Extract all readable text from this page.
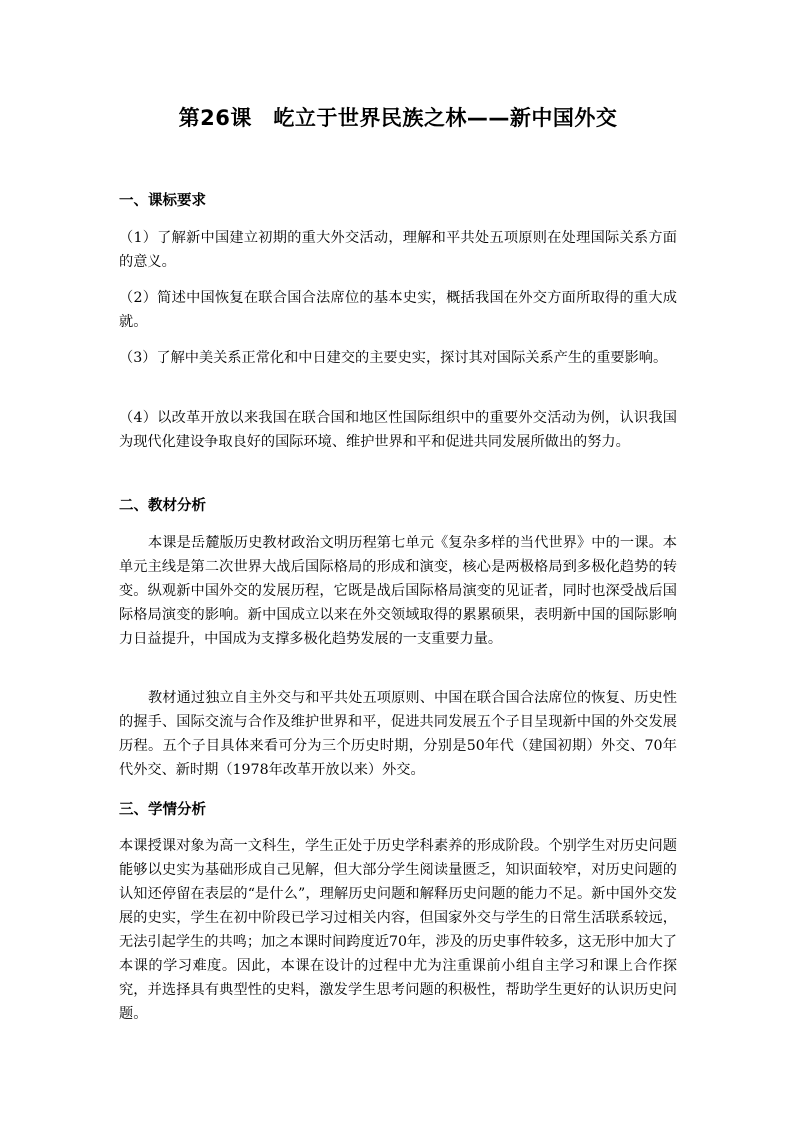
第26课　屹立于世界民族之林——新中国外交
一、课标要求

（1）了解新中国建立初期的重大外交活动，理解和平共处五项原则在处理国际关系方面的意义。

（2）简述中国恢复在联合国合法席位的基本史实，概括我国在外交方面所取得的重大成就。

（3）了解中美关系正常化和中日建交的主要史实，探讨其对国际关系产生的重要影响。

（4）以改革开放以来我国在联合国和地区性国际组织中的重要外交活动为例，认识我国为现代化建设争取良好的国际环境、维护世界和平和促进共同发展所做出的努力。

二、教材分析

本课是岳麓版历史教材政治文明历程第七单元《复杂多样的当代世界》中的一课。本单元主线是第二次世界大战后国际格局的形成和演变，核心是两极格局到多极化趋势的转变。纵观新中国外交的发展历程，它既是战后国际格局演变的见证者，同时也深受战后国际格局演变的影响。新中国成立以来在外交领域取得的累累硕果，表明新中国的国际影响力日益提升，中国成为支撑多极化趋势发展的一支重要力量。

教材通过独立自主外交与和平共处五项原则、中国在联合国合法席位的恢复、历史性的握手、国际交流与合作及维护世界和平，促进共同发展五个子目呈现新中国的外交发展历程。五个子目具体来看可分为三个历史时期，分别是50年代（建国初期）外交、70年代外交、新时期（1978年改革开放以来）外交。

三、学情分析

本课授课对象为高一文科生，学生正处于历史学科素养的形成阶段。个别学生对历史问题能够以史实为基础形成自己见解，但大部分学生阅读量匮乏，知识面较窄，对历史问题的认知还停留在表层的“是什么”，理解历史问题和解释历史问题的能力不足。新中国外交发展的史实，学生在初中阶段已学习过相关内容，但国家外交与学生的日常生活联系较远，无法引起学生的共鸣；加之本课时间跨度近70年，涉及的历史事件较多，这无形中加大了本课的学习难度。因此，本课在设计的过程中尤为注重课前小组自主学习和课上合作探究，并选择具有典型性的史料，激发学生思考问题的积极性，帮助学生更好的认识历史问题。
